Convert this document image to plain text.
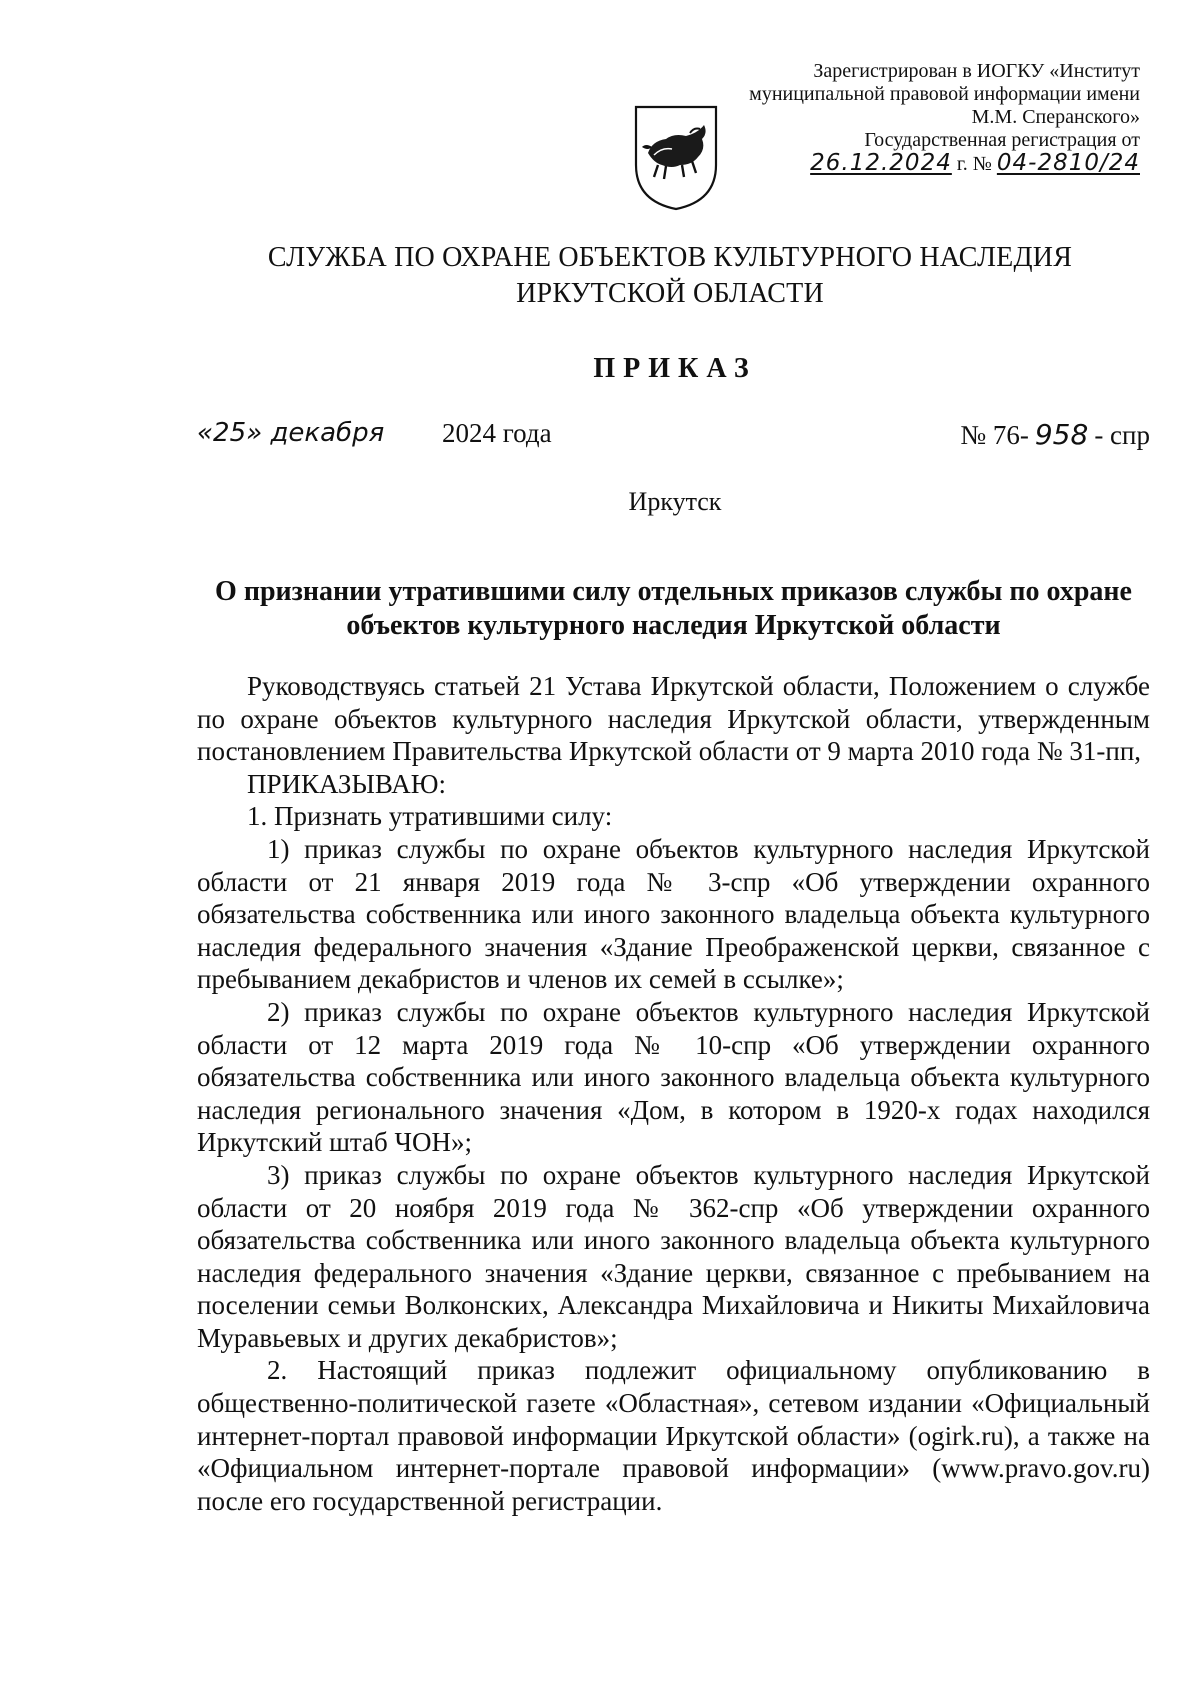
Зарегистрирован в ИОГКУ «Институт
муниципальной правовой информации имени
М.М. Сперанского»
Государственная регистрация от
26.12.2024 г. № 04-2810/24
СЛУЖБА ПО ОХРАНЕ ОБЪЕКТОВ КУЛЬТУРНОГО НАСЛЕДИЯ
ИРКУТСКОЙ ОБЛАСТИ
ПРИКАЗ
«25» декабря 2024 года	№ 76- 958 - спр
Иркутск
О признании утратившими силу отдельных приказов службы по охране
объектов культурного наследия Иркутской области

Руководствуясь статьей 21 Устава Иркутской области, Положением о службе по охране объектов культурного наследия Иркутской области, утвержденным постановлением Правительства Иркутской области от 9 марта 2010 года № 31-пп,

ПРИКАЗЫВАЮ:

1. Признать утратившими силу:

1) приказ службы по охране объектов культурного наследия Иркутской области от 21 января 2019 года № 3-спр «Об утверждении охранного обязательства собственника или иного законного владельца объекта культурного наследия федерального значения «Здание Преображенской церкви, связанное с пребыванием декабристов и членов их семей в ссылке»;

2) приказ службы по охране объектов культурного наследия Иркутской области от 12 марта 2019 года № 10-спр «Об утверждении охранного обязательства собственника или иного законного владельца объекта культурного наследия регионального значения «Дом, в котором в 1920-х годах находился Иркутский штаб ЧОН»;

3) приказ службы по охране объектов культурного наследия Иркутской области от 20 ноября 2019 года № 362-спр «Об утверждении охранного обязательства собственника или иного законного владельца объекта культурного наследия федерального значения «Здание церкви, связанное с пребыванием на поселении семьи Волконских, Александра Михайловича и Никиты Михайловича Муравьевых и других декабристов»;

2. Настоящий приказ подлежит официальному опубликованию в общественно-политической газете «Областная», сетевом издании «Официальный интернет-портал правовой информации Иркутской области» (ogirk.ru), а также на «Официальном интернет-портале правовой информации» (www.pravo.gov.ru) после его государственной регистрации.
